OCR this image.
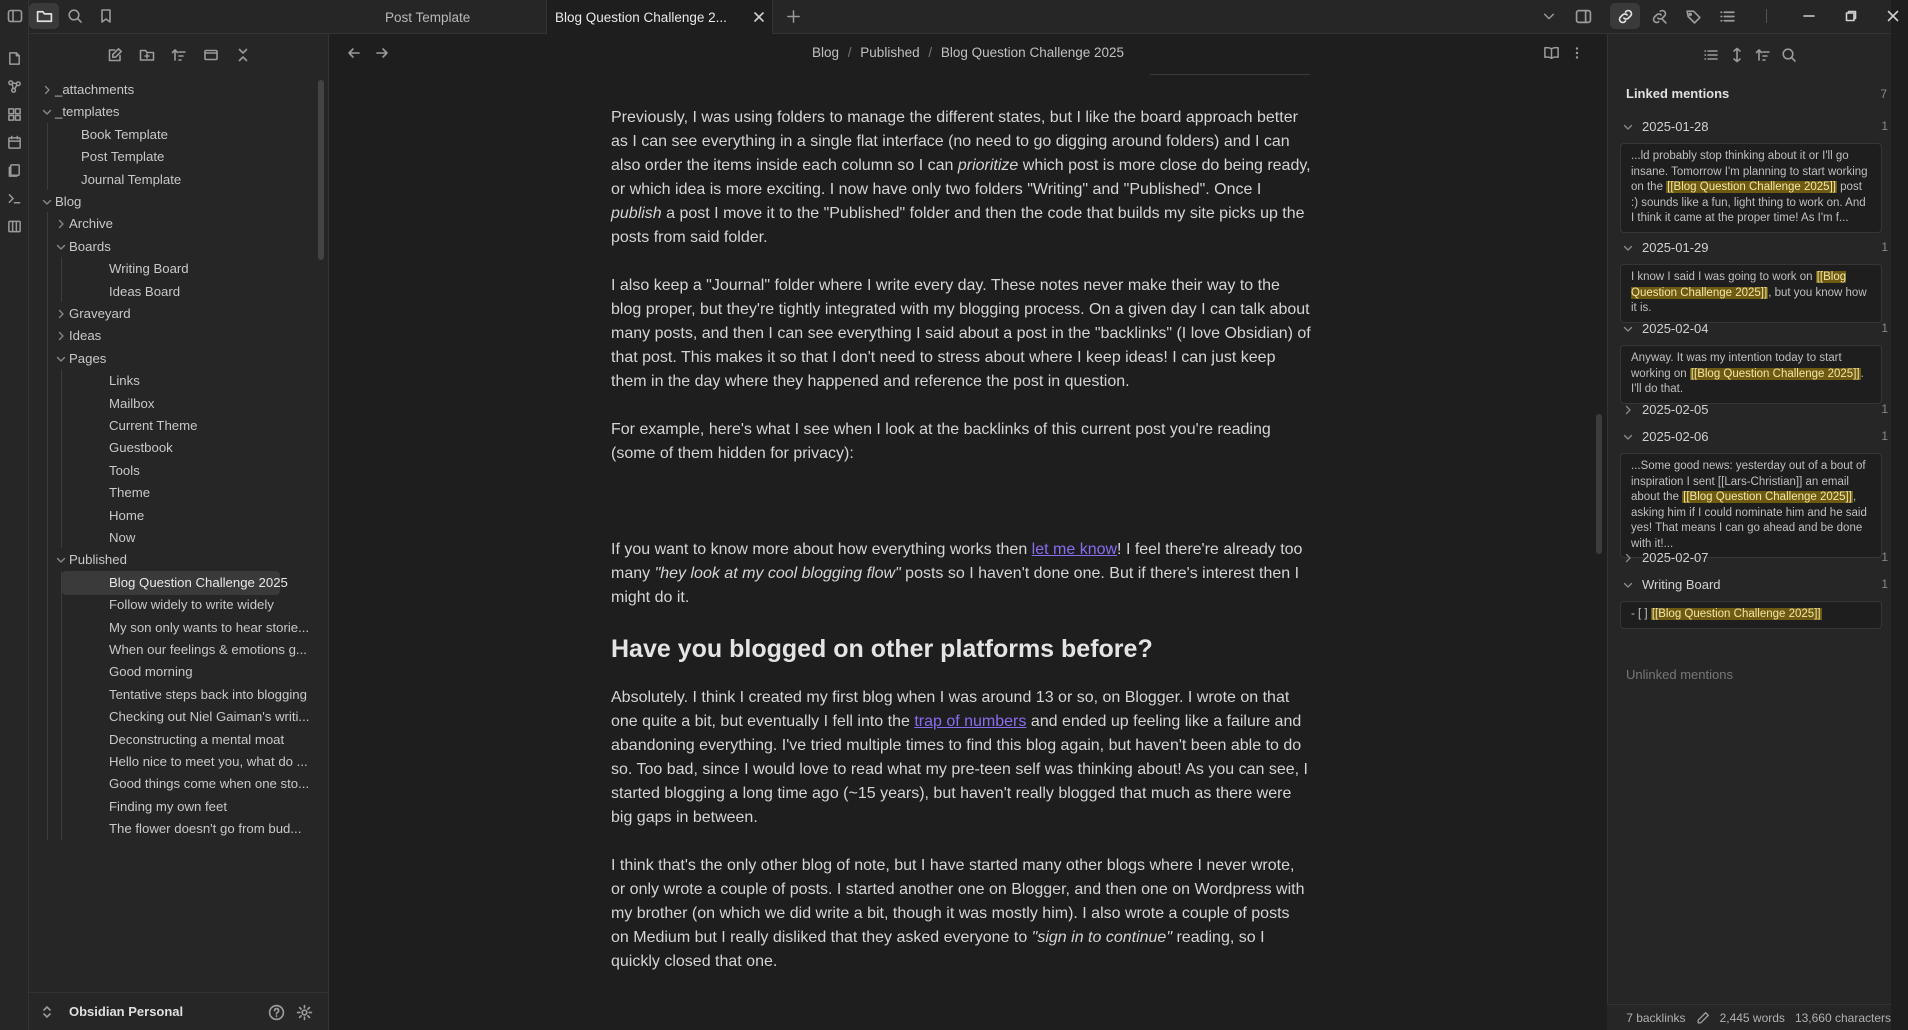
Post Template	Blog Question Challenge 2...
_attachments
_templates
Book Template
Post Template
Journal Template
Blog
Archive
Boards
Writing Board
Ideas Board
Graveyard
Ideas
Pages
Links
Mailbox
Current Theme
Guestbook
Tools
Theme
Home
Now
Published
Blog Question Challenge 2025
Follow widely to write widely
My son only wants to hear storie...
When our feelings & emotions g...
Good morning
Tentative steps back into blogging
Checking out Niel Gaiman's writi...
Deconstructing a mental moat
Hello nice to meet you, what do ...
Good things come when one sto...
Finding my own feet
The flower doesn't go from bud...
Obsidian Personal
Blog / Published / Blog Question Challenge 2025

Previously, I was using folders to manage the different states, but I like the board approach better as I can see everything in a single flat interface (no need to go digging around folders) and I can also order the items inside each column so I can prioritize which post is more close do being ready, or which idea is more exciting. I now have only two folders "Writing" and "Published". Once I publish a post I move it to the "Published" folder and then the code that builds my site picks up the posts from said folder.

I also keep a "Journal" folder where I write every day. These notes never make their way to the blog proper, but they're tightly integrated with my blogging process. On a given day I can talk about many posts, and then I can see everything I said about a post in the "backlinks" (I love Obsidian) of that post. This makes it so that I don't need to stress about where I keep ideas! I can just keep them in the day where they happened and reference the post in question.

For example, here's what I see when I look at the backlinks of this current post you're reading (some of them hidden for privacy):

If you want to know more about how everything works then let me know! I feel there're already too many "hey look at my cool blogging flow" posts so I haven't done one. But if there's interest then I might do it.

Have you blogged on other platforms before?

Absolutely. I think I created my first blog when I was around 13 or so, on Blogger. I wrote on that one quite a bit, but eventually I fell into the trap of numbers and ended up feeling like a failure and abandoning everything. I've tried multiple times to find this blog again, but haven't been able to do so. Too bad, since I would love to read what my pre-teen self was thinking about! As you can see, I started blogging a long time ago (~15 years), but haven't really blogged that much as there were big gaps in between.

I think that's the only other blog of note, but I have started many other blogs where I never wrote, or only wrote a couple of posts. I started another one on Blogger, and then one on Wordpress with my brother (on which we did write a bit, though it was mostly him). I also wrote a couple of posts on Medium but I really disliked that they asked everyone to "sign in to continue" reading, so I quickly closed that one.

Linked mentions	7
Unlinked mentions
7 backlinks	2,445 words 13,660 characters
2025-01-28	1
...ld probably stop thinking about it or I'll go insane. Tomorrow I'm planning to start working on the [[Blog Question Challenge 2025]] post :) sounds like a fun, light thing to work on. And I think it came at the proper time! As I'm f...
2025-01-29	1
I know I said I was going to work on [[Blog Question Challenge 2025]], but you know how it is.
2025-02-04	1
Anyway. It was my intention today to start working on [[Blog Question Challenge 2025]]. I'll do that.
2025-02-05	1
2025-02-06	1
...Some good news: yesterday out of a bout of inspiration I sent [[Lars-Christian]] an email about the [[Blog Question Challenge 2025]], asking him if I could nominate him and he said yes! That means I can go ahead and be done with it!...
2025-02-07	1
Writing Board	1
- [ ] [[Blog Question Challenge 2025]]
